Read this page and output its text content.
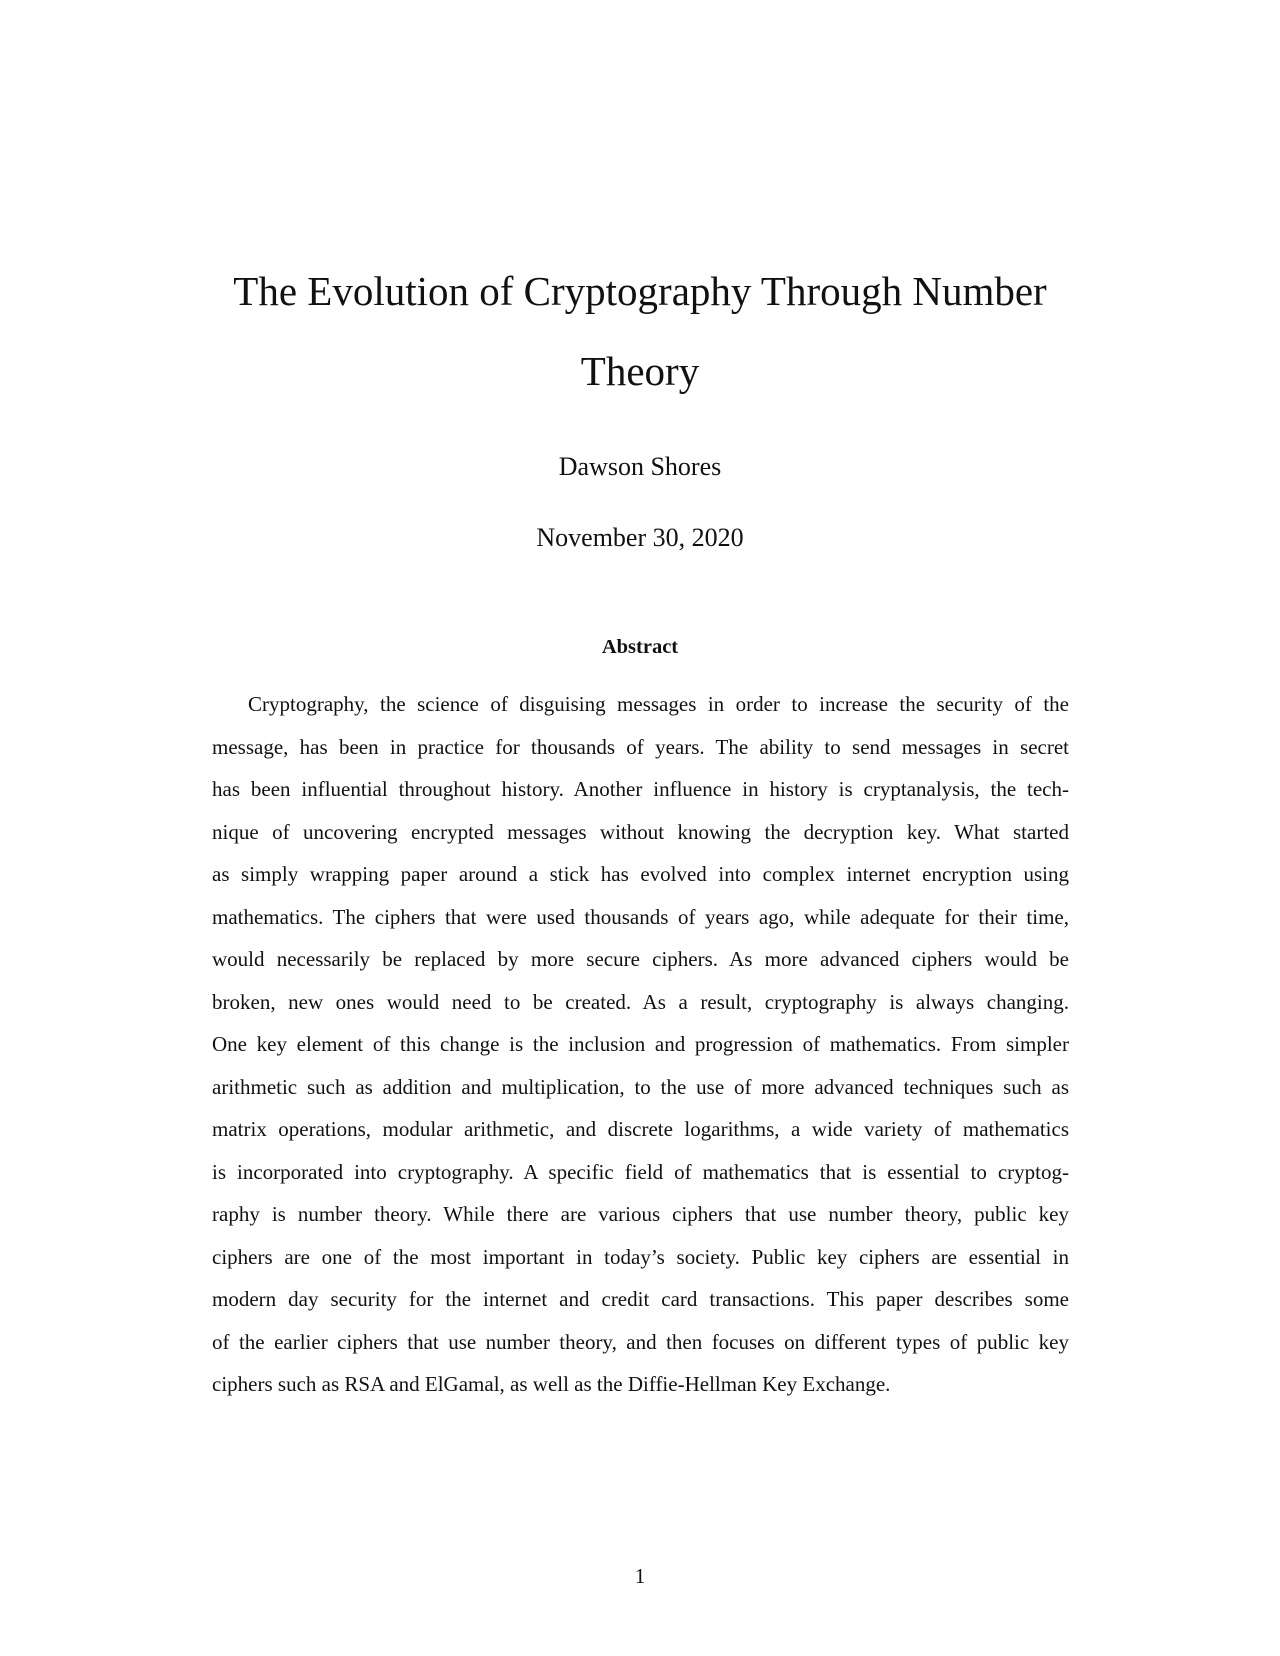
The Evolution of Cryptography Through Number
Theory
Dawson Shores
November 30, 2020
Abstract
Cryptography, the science of disguising messages in order to increase the security of the
message, has been in practice for thousands of years. The ability to send messages in secret
has been influential throughout history. Another influence in history is cryptanalysis, the tech-
nique of uncovering encrypted messages without knowing the decryption key. What started
as simply wrapping paper around a stick has evolved into complex internet encryption using
mathematics. The ciphers that were used thousands of years ago, while adequate for their time,
would necessarily be replaced by more secure ciphers. As more advanced ciphers would be
broken, new ones would need to be created. As a result, cryptography is always changing.
One key element of this change is the inclusion and progression of mathematics. From simpler
arithmetic such as addition and multiplication, to the use of more advanced techniques such as
matrix operations, modular arithmetic, and discrete logarithms, a wide variety of mathematics
is incorporated into cryptography. A specific field of mathematics that is essential to cryptog-
raphy is number theory. While there are various ciphers that use number theory, public key
ciphers are one of the most important in today’s society. Public key ciphers are essential in
modern day security for the internet and credit card transactions. This paper describes some
of the earlier ciphers that use number theory, and then focuses on different types of public key
ciphers such as RSA and ElGamal, as well as the Diffie-Hellman Key Exchange.
1
